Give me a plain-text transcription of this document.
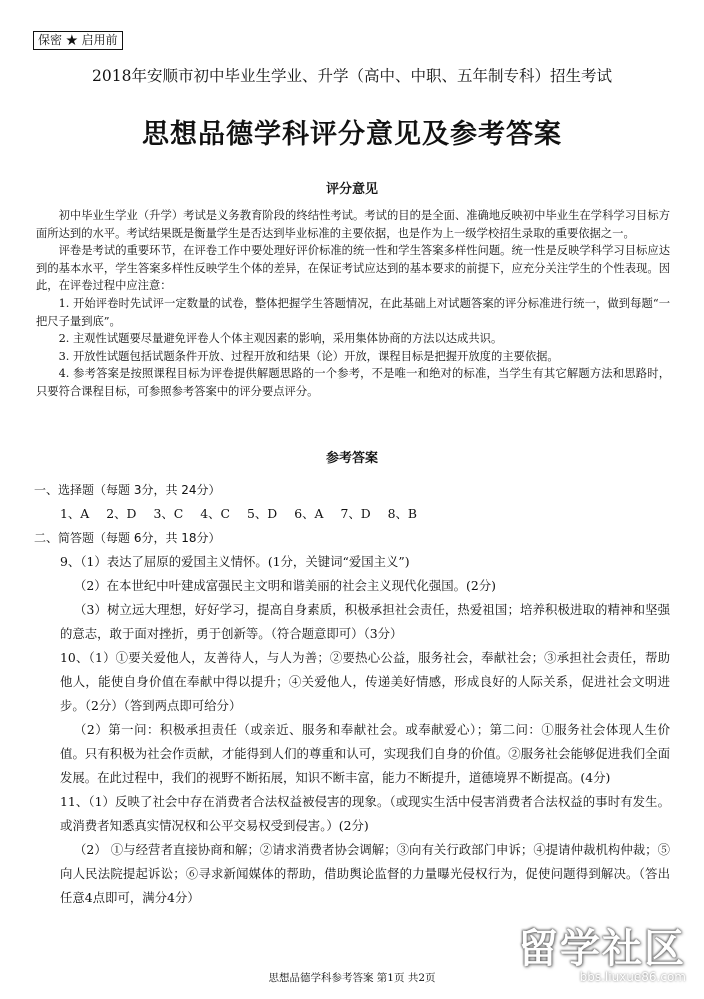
保密 ★ 启用前
2018年安顺市初中毕业生学业、升学（高中、中职、五年制专科）招生考试
思想品德学科评分意见及参考答案
评分意见

初中毕业生学业（升学）考试是义务教育阶段的终结性考试。考试的目的是全面、准确地反映初中毕业生在学科学习目标方面所达到的水平。考试结果既是衡量学生是否达到毕业标准的主要依据，也是作为上一级学校招生录取的重要依据之一。

评卷是考试的重要环节，在评卷工作中要处理好评价标准的统一性和学生答案多样性问题。统一性是反映学科学习目标应达到的基本水平，学生答案多样性反映学生个体的差异，在保证考试应达到的基本要求的前提下，应充分关注学生的个性表现。因此，在评卷过程中应注意：

1. 开始评卷时先试评一定数量的试卷，整体把握学生答题情况，在此基础上对试题答案的评分标准进行统一，做到每题“一把尺子量到底”。

2. 主观性试题要尽量避免评卷人个体主观因素的影响，采用集体协商的方法以达成共识。

3. 开放性试题包括试题条件开放、过程开放和结果（论）开放，课程目标是把握开放度的主要依据。

4. 参考答案是按照课程目标为评卷提供解题思路的一个参考，不是唯一和绝对的标准，当学生有其它解题方法和思路时，只要符合课程目标，可参照参考答案中的评分要点评分。

参考答案

一、选择题（每题 3分，共 24分）

1、A 2、D 3、C 4、C 5、D 6、A 7、D 8、B

二、简答题（每题 6分，共 18分）

9、（1）表达了屈原的爱国主义情怀。(1分，关键词“爱国主义”)

（2）在本世纪中叶建成富强民主文明和谐美丽的社会主义现代化强国。(2分)

（3）树立远大理想，好好学习，提高自身素质，积极承担社会责任，热爱祖国；培养积极进取的精神和坚强的意志，敢于面对挫折，勇于创新等。（符合题意即可）（3分）

10、（1）①要关爱他人，友善待人，与人为善；②要热心公益，服务社会，奉献社会；③承担社会责任，帮助他人，能使自身价值在奉献中得以提升；④关爱他人，传递美好情感，形成良好的人际关系，促进社会文明进步。（2分）（答到两点即可给分）

（2）第一问：积极承担责任（或亲近、服务和奉献社会。或奉献爱心）；第二问：①服务社会体现人生价值。只有积极为社会作贡献，才能得到人们的尊重和认可，实现我们自身的价值。②服务社会能够促进我们全面发展。在此过程中，我们的视野不断拓展，知识不断丰富，能力不断提升，道德境界不断提高。(4分)

11、（1）反映了社会中存在消费者合法权益被侵害的现象。（或现实生活中侵害消费者合法权益的事时有发生。或消费者知悉真实情况权和公平交易权受到侵害。）(2分)

（2） ①与经营者直接协商和解；②请求消费者协会调解；③向有关行政部门申诉；④提请仲裁机构仲裁；⑤向人民法院提起诉讼；⑥寻求新闻媒体的帮助，借助舆论监督的力量曝光侵权行为，促使问题得到解决。（答出任意4点即可，满分4分）

思想品德学科参考答案 第1页 共2页
留学社区
bbs.liuxue86.com
